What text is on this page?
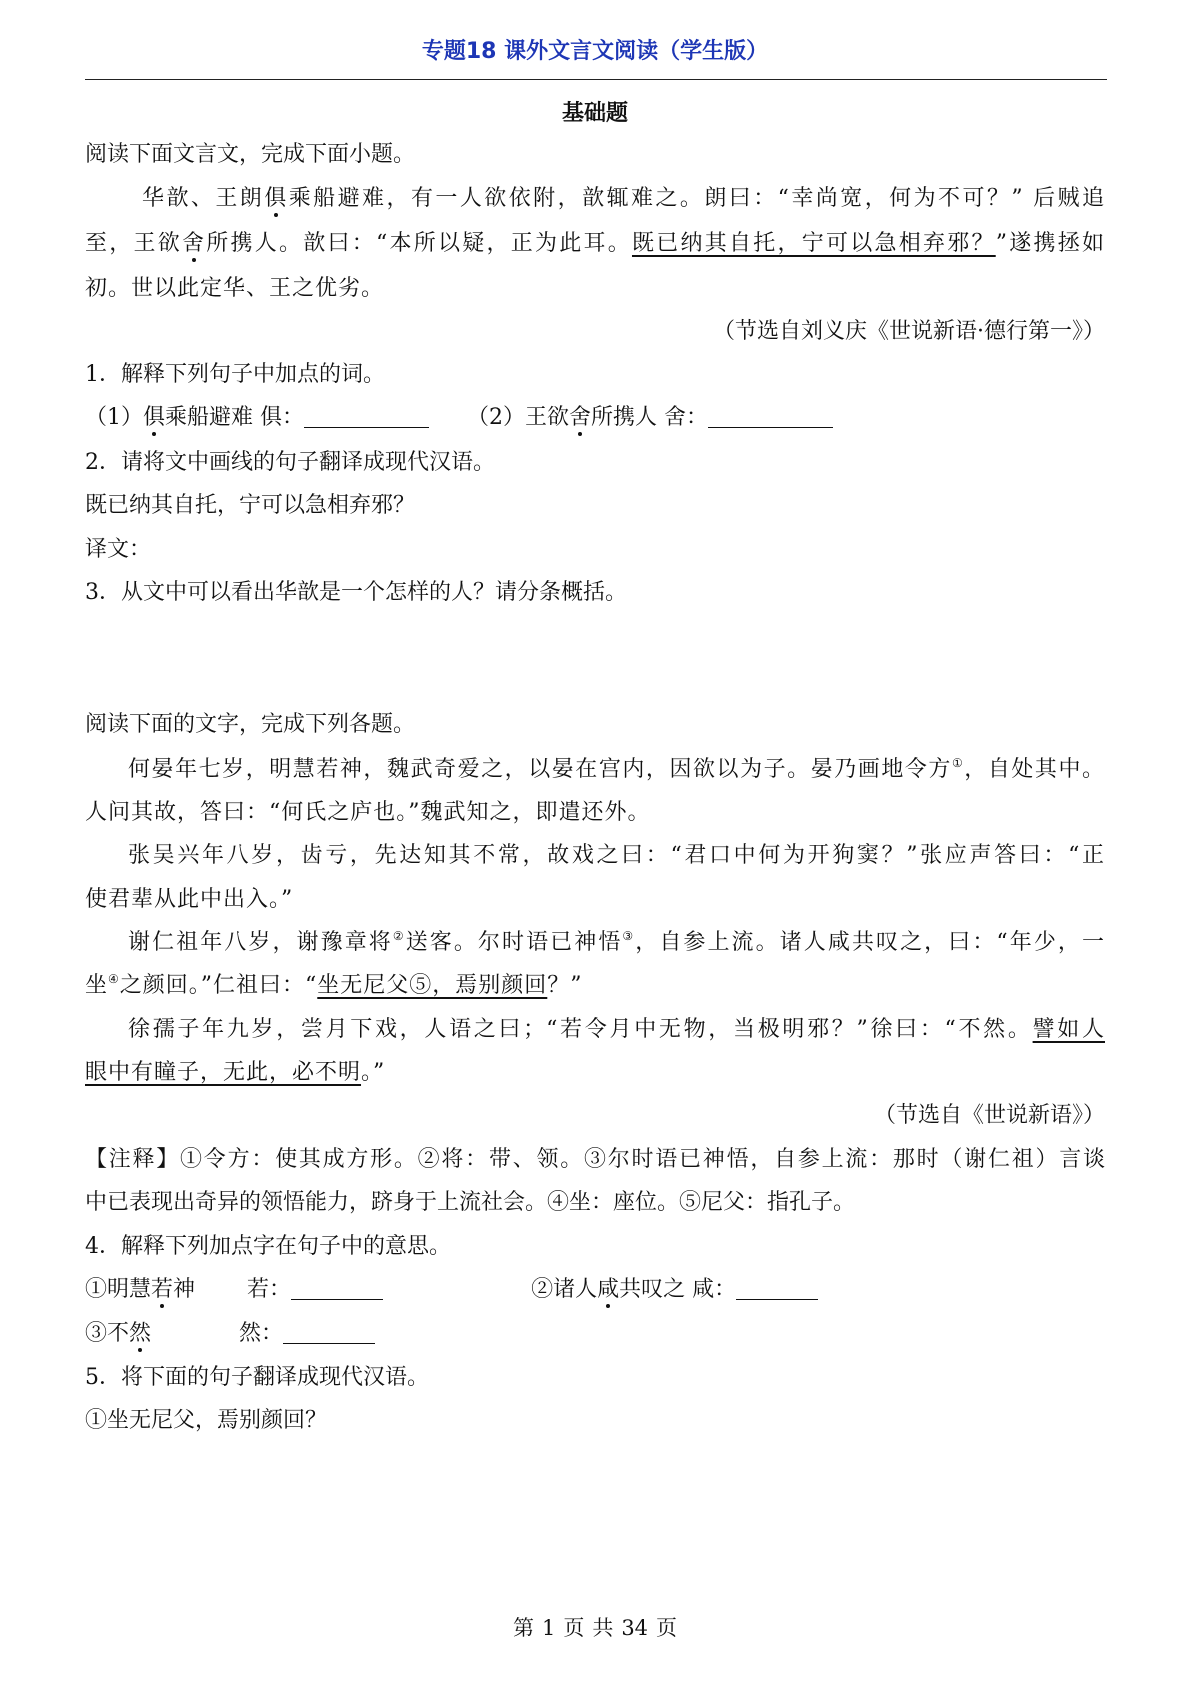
专题18 课外文言文阅读（学生版）
基础题
阅读下面文言文，完成下面小题。
华歆、王朗俱乘船避难，有一人欲依附，歆辄难之。朗曰：“幸尚宽，何为不可？” 后贼追
至，王欲舍所携人。歆曰：“本所以疑，正为此耳。既已纳其自托，宁可以急相弃邪？”遂携拯如
初。世以此定华、王之优劣。
（节选自刘义庆《世说新语·德行第一》）
1．解释下列句子中加点的词。
（1）俱乘船避难 俱：	（2）王欲舍所携人 舍：
2．请将文中画线的句子翻译成现代汉语。
既已纳其自托，宁可以急相弃邪？
译文：
3．从文中可以看出华歆是一个怎样的人？请分条概括。
阅读下面的文字，完成下列各题。
何晏年七岁，明慧若神，魏武奇爱之，以晏在宫内，因欲以为子。晏乃画地令方①，自处其中。
人问其故，答曰：“何氏之庐也。”魏武知之，即遣还外。
张吴兴年八岁，齿亏，先达知其不常，故戏之曰：“君口中何为开狗窦？”张应声答曰：“正
使君辈从此中出入。”
谢仁祖年八岁，谢豫章将②送客。尔时语已神悟③，自参上流。诸人咸共叹之，曰：“年少，一
坐④之颜回。”仁祖曰：“坐无尼父⑤，焉别颜回？”
徐孺子年九岁，尝月下戏，人语之曰；“若令月中无物，当极明邪？”徐曰：“不然。譬如人
眼中有瞳子，无此，必不明。”
（节选自《世说新语》）
【注释】①令方：使其成方形。②将：带、领。③尔时语已神悟，自参上流：那时（谢仁祖）言谈
中已表现出奇异的领悟能力，跻身于上流社会。④坐：座位。⑤尼父：指孔子。
4．解释下列加点字在句子中的意思。
①明慧若神 若：	②诸人咸共叹之 咸：
③不然	然：
5．将下面的句子翻译成现代汉语。
①坐无尼父，焉别颜回？
第 1 页 共 34 页
